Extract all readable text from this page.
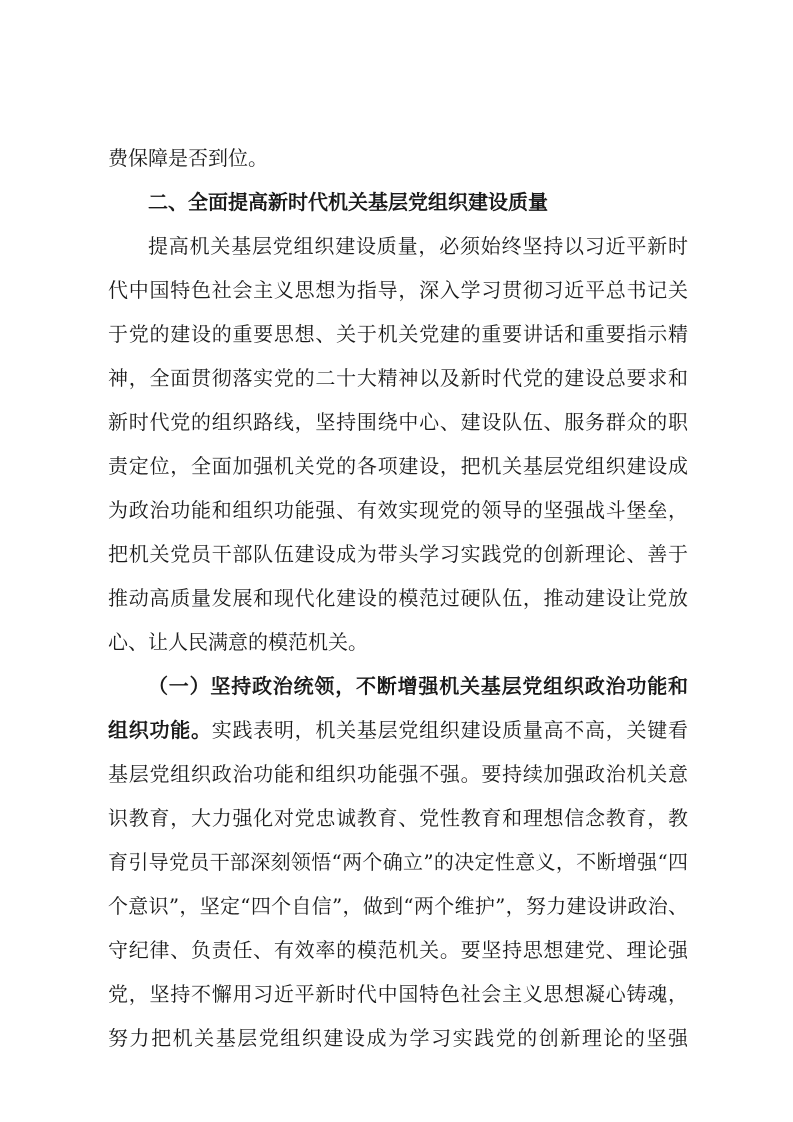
费保障是否到位。
二、全面提高新时代机关基层党组织建设质量
提高机关基层党组织建设质量，必须始终坚持以习近平新时
代中国特色社会主义思想为指导，深入学习贯彻习近平总书记关
于党的建设的重要思想、关于机关党建的重要讲话和重要指示精
神，全面贯彻落实党的二十大精神以及新时代党的建设总要求和
新时代党的组织路线，坚持围绕中心、建设队伍、服务群众的职
责定位，全面加强机关党的各项建设，把机关基层党组织建设成
为政治功能和组织功能强、有效实现党的领导的坚强战斗堡垒，
把机关党员干部队伍建设成为带头学习实践党的创新理论、善于
推动高质量发展和现代化建设的模范过硬队伍，推动建设让党放
心、让人民满意的模范机关。
（一）坚持政治统领，不断增强机关基层党组织政治功能和
组织功能。实践表明，机关基层党组织建设质量高不高，关键看
基层党组织政治功能和组织功能强不强。要持续加强政治机关意
识教育，大力强化对党忠诚教育、党性教育和理想信念教育，教
育引导党员干部深刻领悟“两个确立”的决定性意义，不断增强“四
个意识”，坚定“四个自信”，做到“两个维护”，努力建设讲政治、
守纪律、负责任、有效率的模范机关。要坚持思想建党、理论强
党，坚持不懈用习近平新时代中国特色社会主义思想凝心铸魂，
努力把机关基层党组织建设成为学习实践党的创新理论的坚强
